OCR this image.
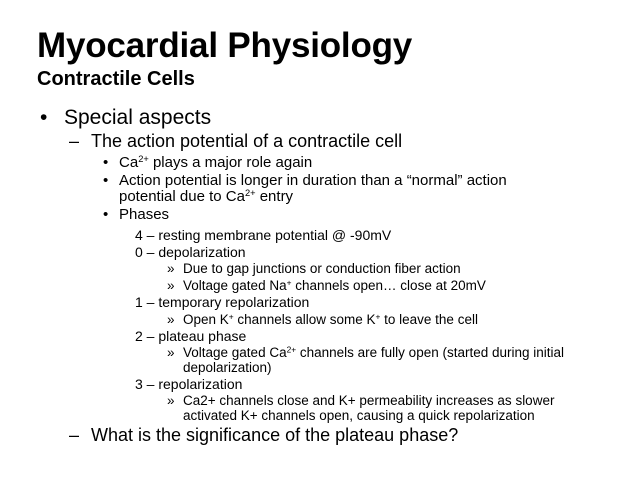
Myocardial Physiology
Contractile Cells
• Special aspects
– The action potential of a contractile cell
• $Ca^{2+}$ plays a major role again
• Action potential is longer in duration than a “normal” action
potential due to $Ca^{2+}$ entry
• Phases
4 – resting membrane potential @ -90mV
0 – depolarization
» Due to gap junctions or conduction fiber action
» Voltage gated Na+ channels open… close at 20mV
1 – temporary repolarization
» Open K+ channels allow some K+ to leave the cell
2 – plateau phase
» Voltage gated $Ca^{2+}$ channels are fully open (started during initial
depolarization)
3 – repolarization
» Ca2+ channels close and K+ permeability increases as slower
activated K+ channels open, causing a quick repolarization
– What is the significance of the plateau phase?
